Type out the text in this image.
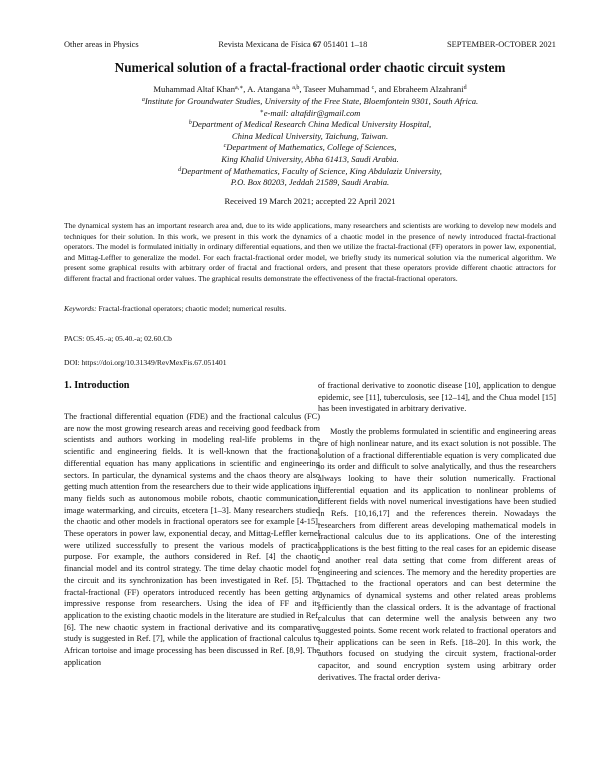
Other areas in Physics	Revista Mexicana de Física 67 051401 1–18	SEPTEMBER-OCTOBER 2021
Numerical solution of a fractal-fractional order chaotic circuit system
Muhammad Altaf Khan$^{a,∗}$, A. Atangana $^{a,b}$, Taseer Muhammad $^c$, and Ebraheem Alzahrani$^d$
$^a$Institute for Groundwater Studies, University of the Free State, Bloemfontein 9301, South Africa.
∗e-mail: altafdir@gmail.com
$^b$Department of Medical Research China Medical University Hospital,
China Medical University, Taichung, Taiwan.
$^c$Department of Mathematics, College of Sciences,
King Khalid University, Abha 61413, Saudi Arabia.
$^d$Department of Mathematics, Faculty of Science, King Abdulaziz University,
P.O. Box 80203, Jeddah 21589, Saudi Arabia.
Received 19 March 2021; accepted 22 April 2021
The dynamical system has an important research area and, due to its wide applications, many researchers and scientists are working to develop new models and techniques for their solution. In this work, we present in this work the dynamics of a chaotic model in the presence of newly introduced fractal-fractional operators. The model is formulated initially in ordinary differential equations, and then we utilize the fractal-fractional (FF) operators in power law, exponential, and Mittag-Leffler to generalize the model. For each fractal-fractional order model, we briefly study its numerical solution via the numerical algorithm. We present some graphical results with arbitrary order of fractal and fractional orders, and present that these operators provide different chaotic attractors for different fractal and fractional order values. The graphical results demonstrate the effectiveness of the fractal-fractional operators.
Keywords: Fractal-fractional operators; chaotic model; numerical results.
PACS: 05.45.-a; 05.40.-a; 02.60.Cb
DOI: https://doi.org/10.31349/RevMexFis.67.051401
1. Introduction

The fractional differential equation (FDE) and the fractional calculus (FC) are now the most growing research areas and receiving good feedback from scientists and authors working in modeling real-life problems in the scientific and engineering fields. It is well-known that the fractional differential equation has many applications in scientific and engineering sectors. In particular, the dynamical systems and the chaos theory are also getting much attention from the researchers due to their wide applications in many fields such as autonomous mobile robots, chaotic communication, image watermarking, and circuits, etcetera [1–3]. Many researchers studied the chaotic and other models in fractional operators see for example [4-15]. These operators in power law, exponential decay, and Mittag-Leffler kernel were utilized successfully to present the various models of practical purpose. For example, the authors considered in Ref. [4] the chaotic financial model and its control strategy. The time delay chaotic model for the circuit and its synchronization has been investigated in Ref. [5]. The fractal-fractional (FF) operators introduced recently has been getting an impressive response from researchers. Using the idea of FF and its application to the existing chaotic models in the literature are studied in Ref. [6]. The new chaotic system in fractional derivative and its comparative study is suggested in Ref. [7], while the application of fractional calculus to African tortoise and image processing has been discussed in Ref. [8,9]. The application

of fractional derivative to zoonotic disease [10], application to dengue epidemic, see [11], tuberculosis, see [12–14], and the Chua model [15] has been investigated in arbitrary derivative.

Mostly the problems formulated in scientific and engineering areas are of high nonlinear nature, and its exact solution is not possible. The solution of a fractional differentiable equation is very complicated due to its order and difficult to solve analytically, and thus the researchers always looking to have their solution numerically. Fractional differential equation and its application to nonlinear problems of different fields with novel numerical investigations have been studied in Refs. [10,16,17] and the references therein. Nowadays the researchers from different areas developing mathematical models in fractional calculus due to its applications. One of the interesting applications is the best fitting to the real cases for an epidemic disease and another real data setting that come from different areas of engineering and sciences. The memory and the heredity properties are attached to the fractional operators and can best determine the dynamics of dynamical systems and other related areas problems efficiently than the classical orders. It is the advantage of fractional calculus that can determine well the analysis between any two suggested points. Some recent work related to fractional operators and their applications can be seen in Refs. [18–20]. In this work, the authors focused on studying the circuit system, fractional-order capacitor, and sound encryption system using arbitrary order derivatives. The fractal order deriva-
